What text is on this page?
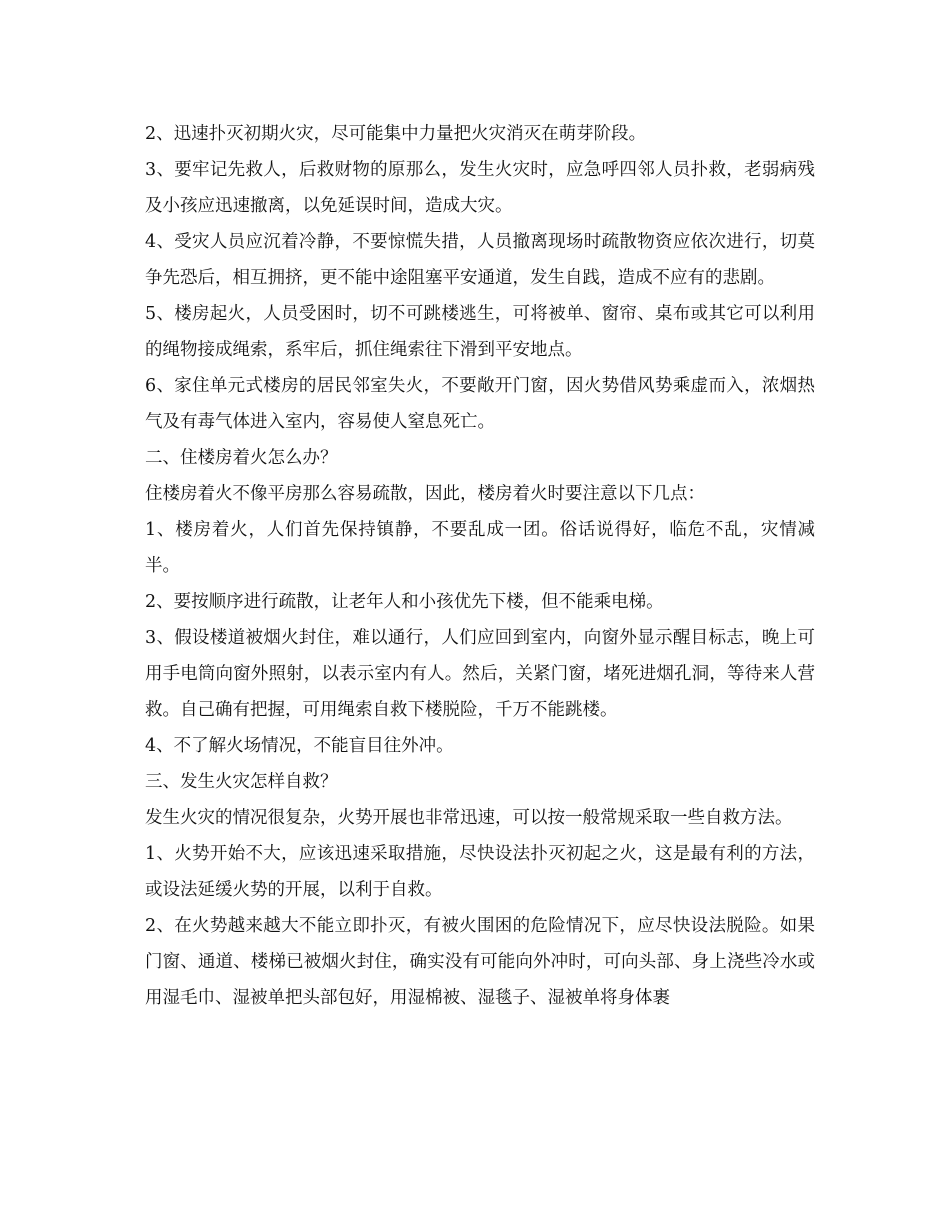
2、迅速扑灭初期火灾，尽可能集中力量把火灾消灭在萌芽阶段。

3、要牢记先救人，后救财物的原那么，发生火灾时，应急呼四邻人员扑救，老弱病残及小孩应迅速撤离，以免延误时间，造成大灾。

4、受灾人员应沉着冷静，不要惊慌失措，人员撤离现场时疏散物资应依次进行，切莫争先恐后，相互拥挤，更不能中途阻塞平安通道，发生自践，造成不应有的悲剧。

5、楼房起火，人员受困时，切不可跳楼逃生，可将被单、窗帘、桌布或其它可以利用的绳物接成绳索，系牢后，抓住绳索往下滑到平安地点。

6、家住单元式楼房的居民邻室失火，不要敞开门窗，因火势借风势乘虚而入，浓烟热气及有毒气体进入室内，容易使人窒息死亡。

二、住楼房着火怎么办？

住楼房着火不像平房那么容易疏散，因此，楼房着火时要注意以下几点：

1、楼房着火，人们首先保持镇静，不要乱成一团。俗话说得好，临危不乱，灾情减半。

2、要按顺序进行疏散，让老年人和小孩优先下楼，但不能乘电梯。

3、假设楼道被烟火封住，难以通行，人们应回到室内，向窗外显示醒目标志，晚上可用手电筒向窗外照射，以表示室内有人。然后，关紧门窗，堵死进烟孔洞，等待来人营救。自己确有把握，可用绳索自救下楼脱险，千万不能跳楼。

4、不了解火场情况，不能盲目往外冲。

三、发生火灾怎样自救？

发生火灾的情况很复杂，火势开展也非常迅速，可以按一般常规采取一些自救方法。

1、火势开始不大，应该迅速采取措施，尽快设法扑灭初起之火，这是最有利的方法，或设法延缓火势的开展，以利于自救。

2、在火势越来越大不能立即扑灭，有被火围困的危险情况下，应尽快设法脱险。如果门窗、通道、楼梯已被烟火封住，确实没有可能向外冲时，可向头部、身上浇些冷水或用湿毛巾、湿被单把头部包好，用湿棉被、湿毯子、湿被单将身体裹
